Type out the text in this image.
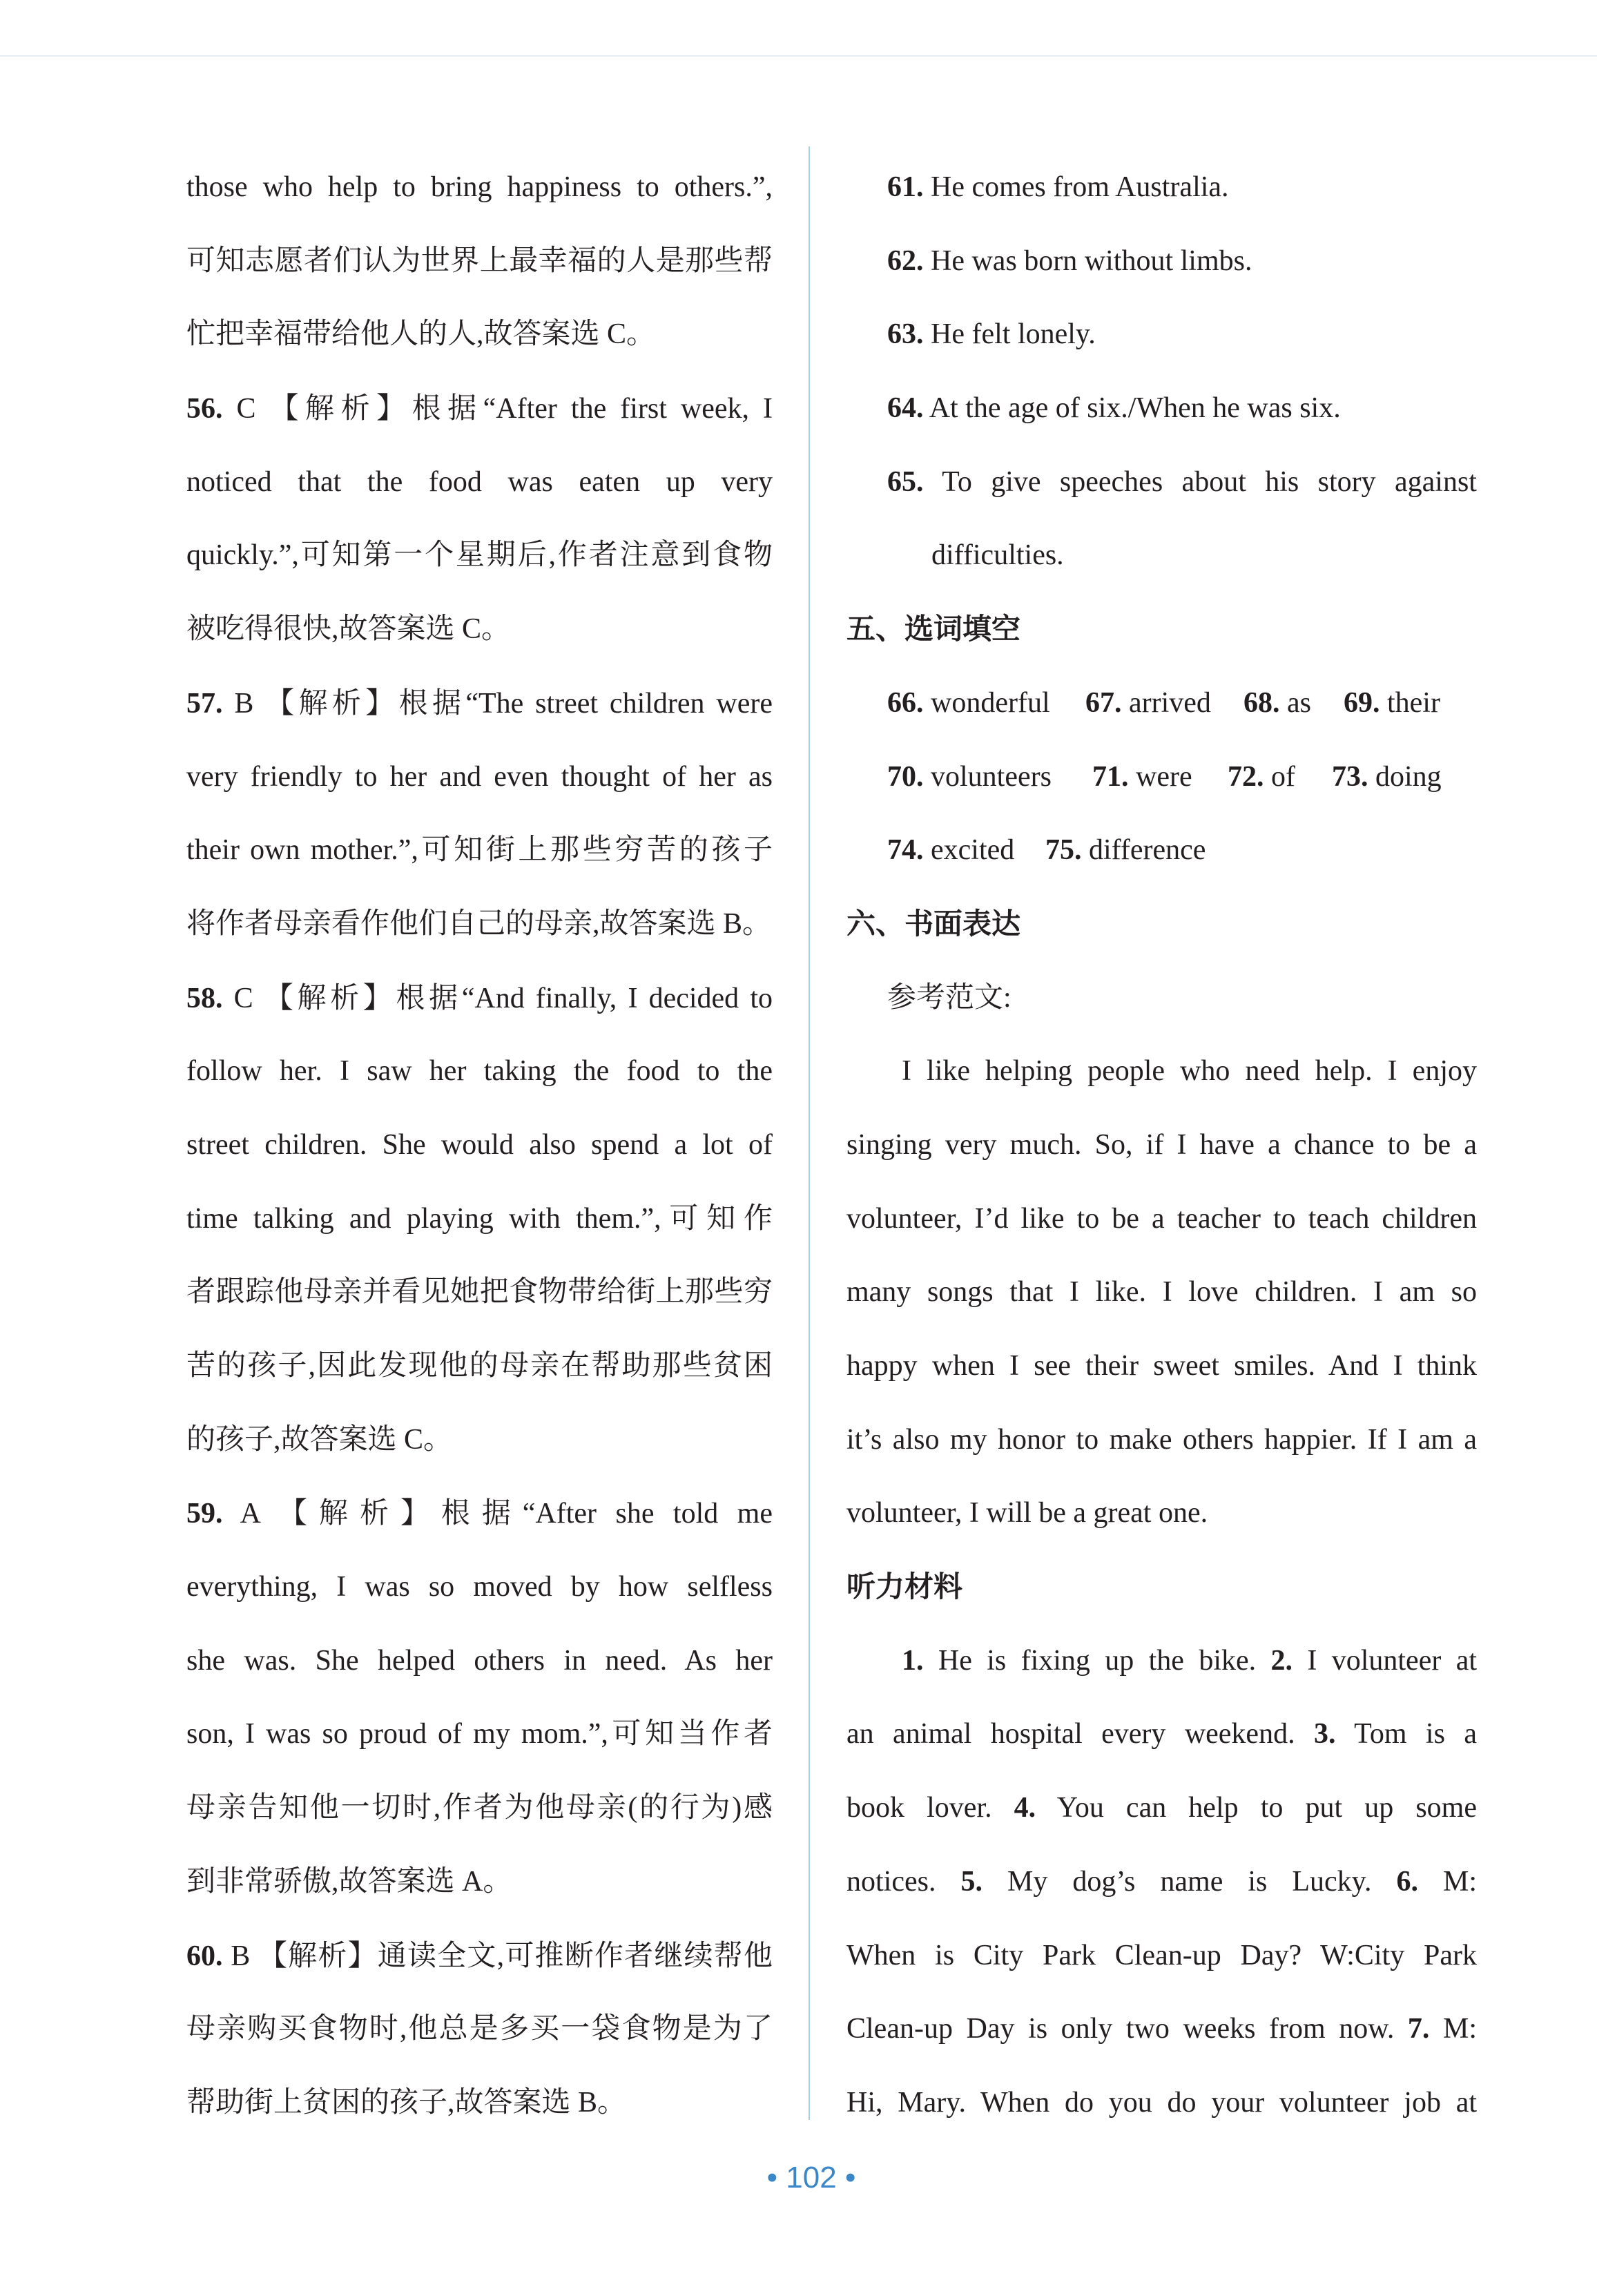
those who help to bring happiness to others.”,
可知志愿者们认为世界上最幸福的人是那些帮
忙把幸福带给他人的人,故答案选 C。
56. C 【解析】根据“After the first week, I
noticed that the food was eaten up very
quickly.”,可知第一个星期后,作者注意到食物
被吃得很快,故答案选 C。
57. B 【解析】根据“The street children were
very friendly to her and even thought of her as
their own mother.”,可知街上那些穷苦的孩子
将作者母亲看作他们自己的母亲,故答案选 B。
58. C 【解析】根据“And finally, I decided to
follow her. I saw her taking the food to the
street children. She would also spend a lot of
time talking and playing with them.”,可知作
者跟踪他母亲并看见她把食物带给街上那些穷
苦的孩子,因此发现他的母亲在帮助那些贫困
的孩子,故答案选 C。
59. A 【解析】根据“After she told me
everything, I was so moved by how selfless
she was. She helped others in need. As her
son, I was so proud of my mom.”,可知当作者
母亲告知他一切时,作者为他母亲(的行为)感
到非常骄傲,故答案选 A。
60. B 【解析】通读全文,可推断作者继续帮他
母亲购买食物时,他总是多买一袋食物是为了
帮助街上贫困的孩子,故答案选 B。
61. He comes from Australia.
62. He was born without limbs.
63. He felt lonely.
64. At the age of six./When he was six.
65. To give speeches about his story against
difficulties.
五、选词填空
66. wonderful 67. arrived 68. as 69. their
70. volunteers 71. were 72. of 73. doing
74. excited 75. difference
六、书面表达
参考范文:
I like helping people who need help. I enjoy
singing very much. So, if I have a chance to be a
volunteer, I’d like to be a teacher to teach children
many songs that I like. I love children. I am so
happy when I see their sweet smiles. And I think
it’s also my honor to make others happier. If I am a
volunteer, I will be a great one.
听力材料
1. He is fixing up the bike. 2. I volunteer at
an animal hospital every weekend. 3. Tom is a
book lover. 4. You can help to put up some
notices. 5. My dog’s name is Lucky. 6. M:
When is City Park Clean-up Day? W:City Park
Clean-up Day is only two weeks from now. 7. M:
Hi, Mary. When do you do your volunteer job at
• 102 •
